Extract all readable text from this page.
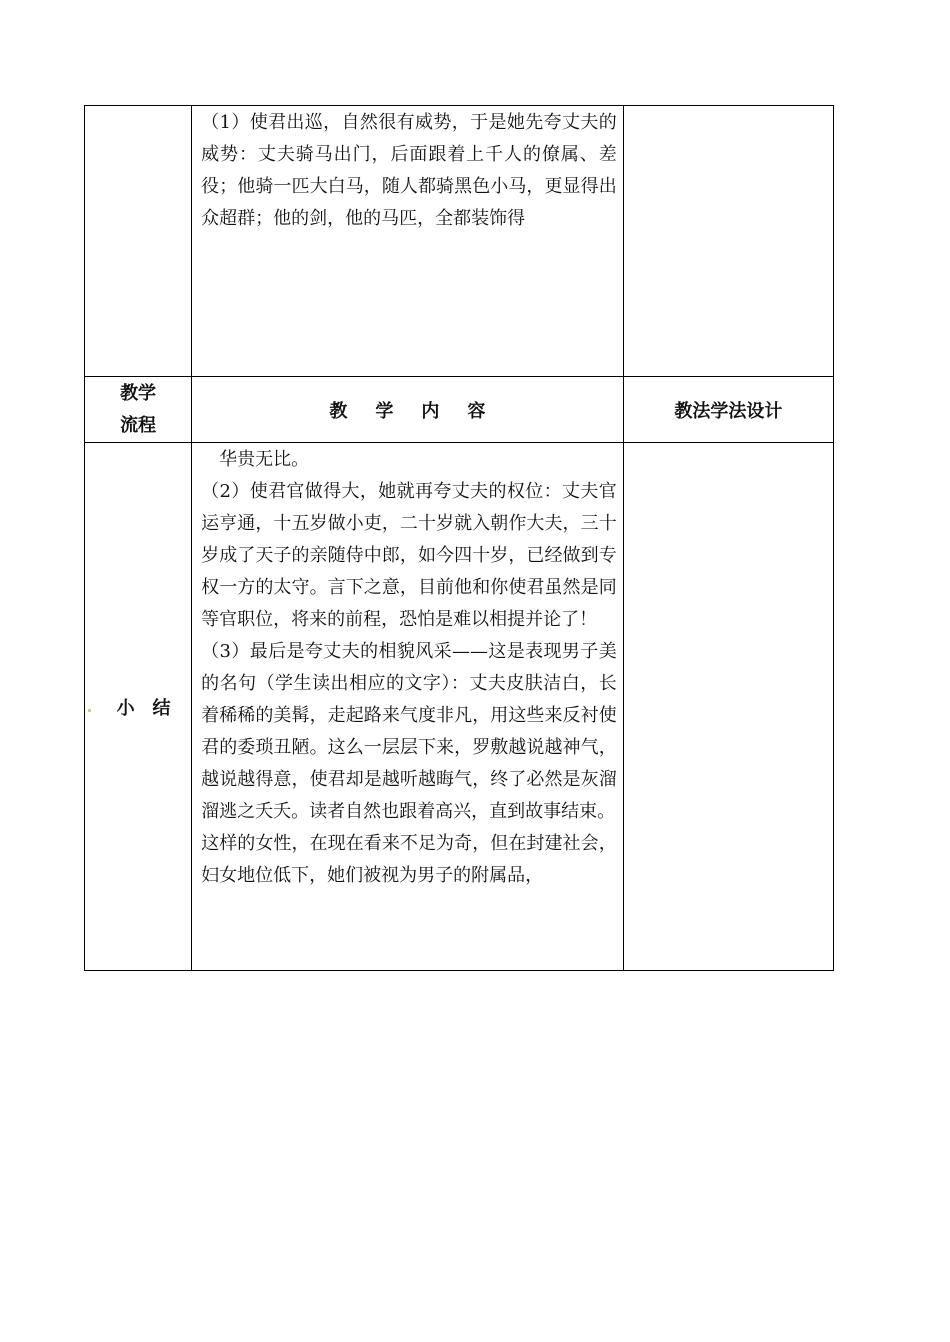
	（1）使君出巡，自然很有威势，于是她先夸丈夫的威势：丈夫骑马出门，后面跟着上千人的僚属、差役；他骑一匹大白马，随人都骑黑色小马，更显得出众超群；他的剑，他的马匹，全都装饰得	

教学
流程	教学内容	教法学法设计
小结	华贵无比。

（2）使君官做得大，她就再夸丈夫的权位：丈夫官运亨通，十五岁做小吏，二十岁就入朝作大夫，三十岁成了天子的亲随侍中郎，如今四十岁，已经做到专权一方的太守。言下之意，目前他和你使君虽然是同等官职位，将来的前程，恐怕是难以相提并论了！

（3）最后是夸丈夫的相貌风采——这是表现男子美的名句（学生读出相应的文字）：丈夫皮肤洁白，长着稀稀的美髯，走起路来气度非凡，用这些来反衬使君的委琐丑陋。这么一层层下来，罗敷越说越神气，越说越得意，使君却是越听越晦气，终了必然是灰溜溜逃之夭夭。读者自然也跟着高兴，直到故事结束。

这样的女性，在现在看来不足为奇，但在封建社会，妇女地位低下，她们被视为男子的附属品，	
